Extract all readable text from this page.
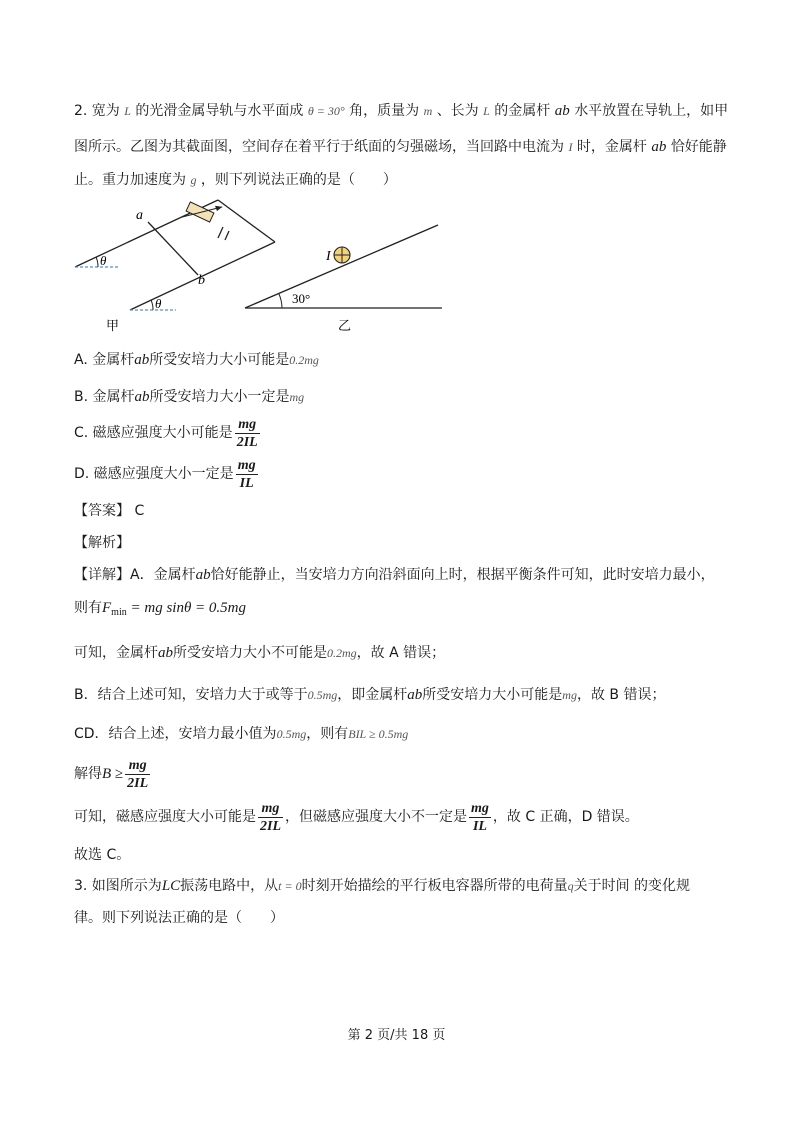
2. 宽为 L 的光滑金属导轨与水平面成 θ = 30° 角，质量为 m 、长为 L 的金属杆 ab 水平放置在导轨上，如甲
图所示。乙图为其截面图，空间存在着平行于纸面的匀强磁场，当回路中电流为 I 时，金属杆 ab 恰好能静
止。重力加速度为 g ，则下列说法正确的是（　　）
a
b
θ
θ
甲
I
30°
乙
A. 金属杆ab所受安培力大小可能是0.2mg
B. 金属杆ab所受安培力大小一定是mg
C. 磁感应强度大小可能是 $\frac{mg}{2IL}$
D. 磁感应强度大小一定是 $\frac{mg}{IL}$
【答案】 C
【解析】
【详解】A．金属杆ab恰好能静止，当安培力方向沿斜面向上时，根据平衡条件可知，此时安培力最小，
则有$F_{min}$ = mg sinθ = 0.5mg
可知，金属杆ab所受安培力大小不可能是0.2mg，故 A 错误；
B．结合上述可知，安培力大于或等于0.5mg，即金属杆ab所受安培力大小可能是mg，故 B 错误；
CD．结合上述，安培力最小值为0.5mg，则有BIL ≥ 0.5mg
解得$B \ge \frac{mg}{2IL}$
可知，磁感应强度大小可能是 $\frac{mg}{2IL}$ ，但磁感应强度大小不一定是 $\frac{mg}{IL}$ ，故 C 正确，D 错误。
故选 C。
3. 如图所示为LC振荡电路中，从t = 0时刻开始描绘的平行板电容器所带的电荷量q关于时间 的变化规
律。则下列说法正确的是（　　）
第 2 页/共 18 页
